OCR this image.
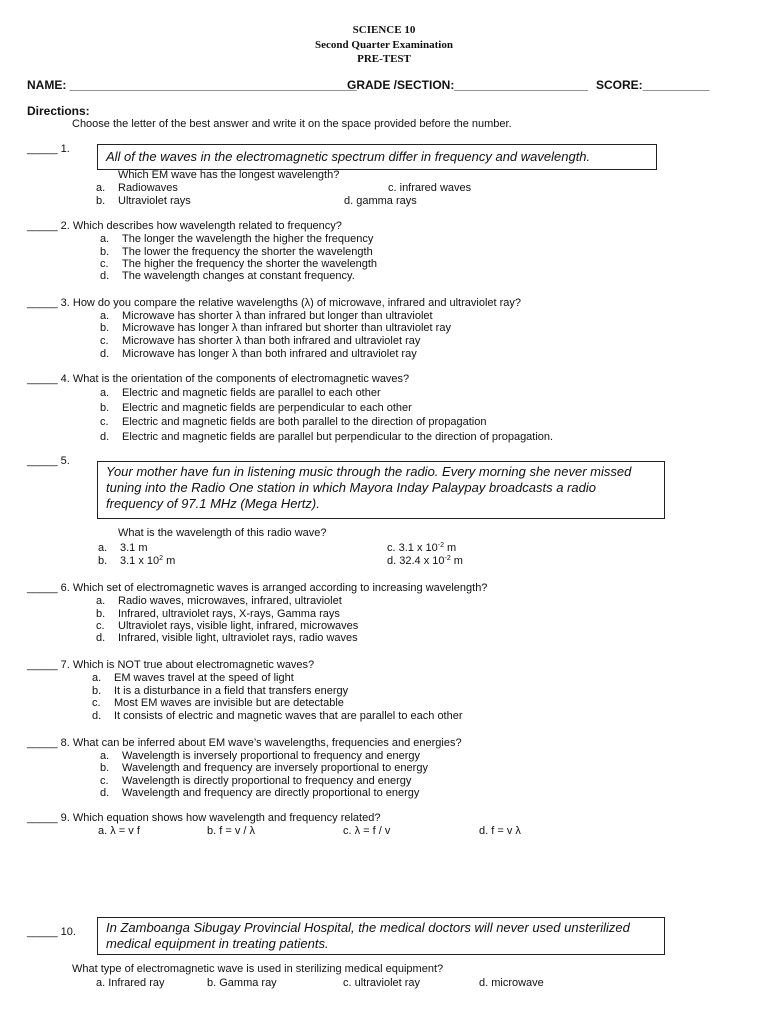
SCIENCE 10
Second Quarter Examination
PRE-TEST
NAME: ___________________________________________
GRADE /SECTION:____________________ SCORE:__________
Directions:
Choose the letter of the best answer and write it on the space provided before the number.
_____ 1.	All of the waves in the electromagnetic spectrum differ in frequency and wavelength.
Which EM wave has the longest wavelength?
a. Radiowaves	c. infrared waves
b. Ultraviolet rays	d. gamma rays
_____ 2. Which describes how wavelength related to frequency?
a. The longer the wavelength the higher the frequency
b. The lower the frequency the shorter the wavelength
c. The higher the frequency the shorter the wavelength
d. The wavelength changes at constant frequency.
_____ 3. How do you compare the relative wavelengths (λ) of microwave, infrared and ultraviolet ray?
a. Microwave has shorter λ than infrared but longer than ultraviolet
b. Microwave has longer λ than infrared but shorter than ultraviolet ray
c. Microwave has shorter λ than both infrared and ultraviolet ray
d. Microwave has longer λ than both infrared and ultraviolet ray
_____ 4. What is the orientation of the components of electromagnetic waves?
a. Electric and magnetic fields are parallel to each other
b. Electric and magnetic fields are perpendicular to each other
c. Electric and magnetic fields are both parallel to the direction of propagation
d. Electric and magnetic fields are parallel but perpendicular to the direction of propagation.
_____ 5.
Your mother have fun in listening music through the radio. Every morning she never missed tuning into the Radio One station in which Mayora Inday Palaypay broadcasts a radio frequency of 97.1 MHz (Mega Hertz).
What is the wavelength of this radio wave?
a. 3.1 m	c. 3.1 x $10^{-2}$ m
b. 3.1 x $10^2$ m	d. 32.4 x $10^{-2}$ m
_____ 6. Which set of electromagnetic waves is arranged according to increasing wavelength?
a. Radio waves, microwaves, infrared, ultraviolet
b. Infrared, ultraviolet rays, X-rays, Gamma rays
c. Ultraviolet rays, visible light, infrared, microwaves
d. Infrared, visible light, ultraviolet rays, radio waves
_____ 7. Which is NOT true about electromagnetic waves?
a. EM waves travel at the speed of light
b. It is a disturbance in a field that transfers energy
c. Most EM waves are invisible but are detectable
d. It consists of electric and magnetic waves that are parallel to each other
_____ 8. What can be inferred about EM wave’s wavelengths, frequencies and energies?
a. Wavelength is inversely proportional to frequency and energy
b. Wavelength and frequency are inversely proportional to energy
c. Wavelength is directly proportional to frequency and energy
d. Wavelength and frequency are directly proportional to energy
_____ 9. Which equation shows how wavelength and frequency related?
a. λ = v f	b. f = v / λ	c. λ = f / v	d. f = v λ
_____ 10.	In Zamboanga Sibugay Provincial Hospital, the medical doctors will never used unsterilized medical equipment in treating patients.
What type of electromagnetic wave is used in sterilizing medical equipment?
a. Infrared ray	b. Gamma ray	c. ultraviolet ray	d. microwave
